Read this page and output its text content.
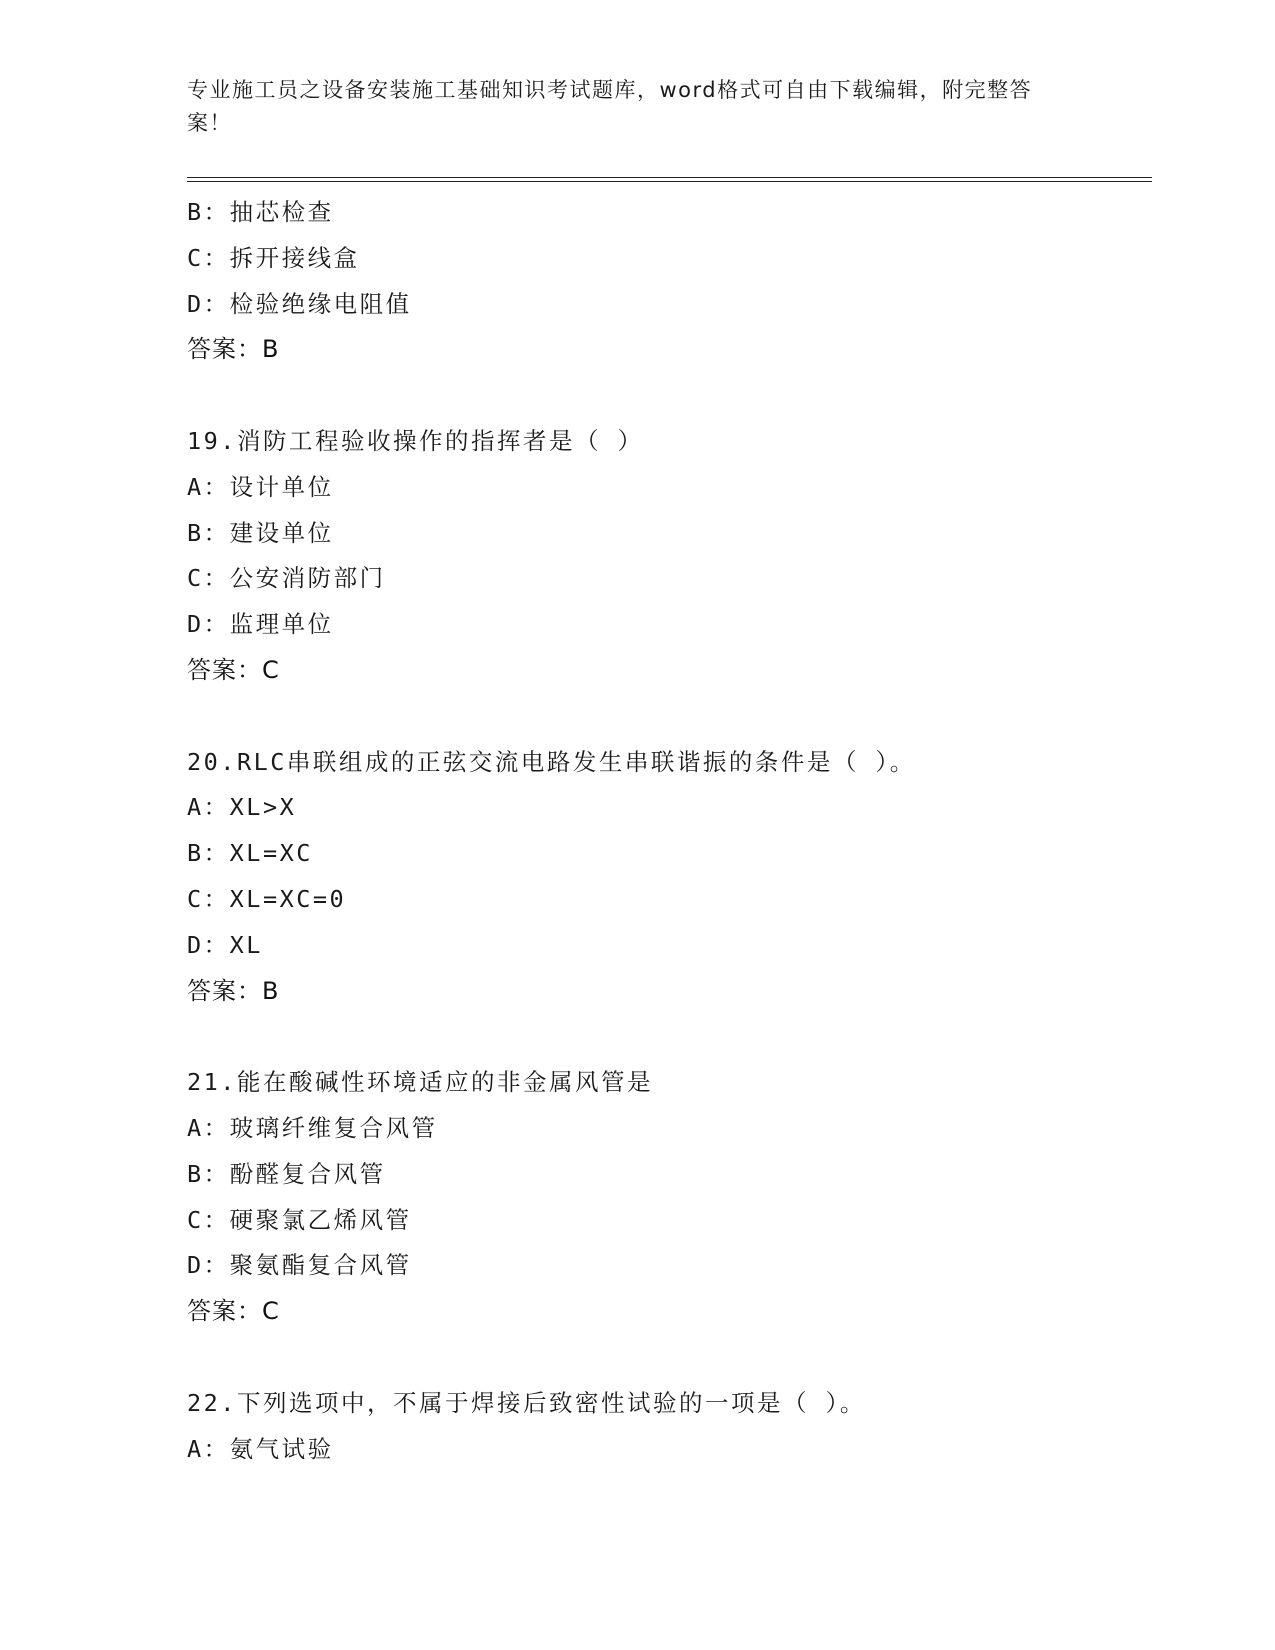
专业施工员之设备安装施工基础知识考试题库，word格式可自由下载编辑，附完整答案！
B：抽芯检查
C：拆开接线盒
D：检验绝缘电阻值
答案：B
19.消防工程验收操作的指挥者是（ ）
A：设计单位
B：建设单位
C：公安消防部门
D：监理单位
答案：C
20.RLC串联组成的正弦交流电路发生串联谐振的条件是（ ）。
A：XL>X
B：XL=XC
C：XL=XC=0
D：XL
答案：B
21.能在酸碱性环境适应的非金属风管是
A：玻璃纤维复合风管
B：酚醛复合风管
C：硬聚氯乙烯风管
D：聚氨酯复合风管
答案：C
22.下列选项中，不属于焊接后致密性试验的一项是（ ）。
A：氨气试验
